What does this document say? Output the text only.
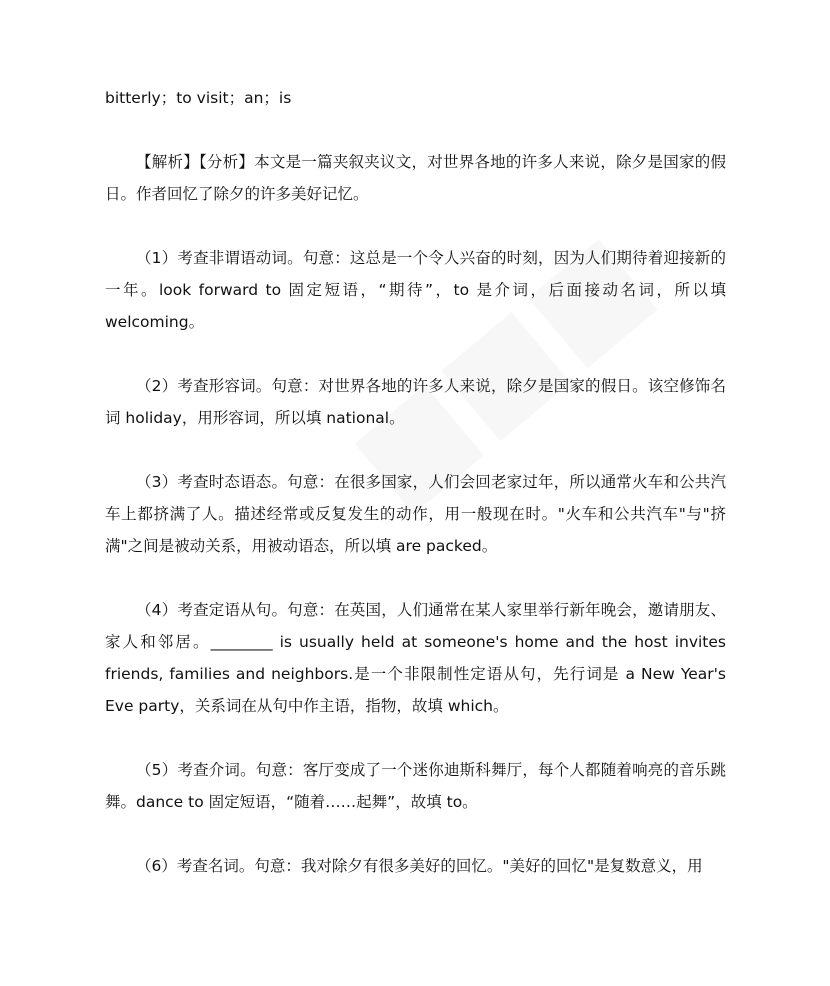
bitterly；to visit；an；is

【解析】【分析】本文是一篇夹叙夹议文，对世界各地的许多人来说，除夕是国家的假日。作者回忆了除夕的许多美好记忆。

（1）考查非谓语动词。句意：这总是一个令人兴奋的时刻，因为人们期待着迎接新的一年。look forward to 固定短语，“期待”，to 是介词，后面接动名词，所以填 welcoming。

（2）考查形容词。句意：对世界各地的许多人来说，除夕是国家的假日。该空修饰名词 holiday，用形容词，所以填 national。

（3）考查时态语态。句意：在很多国家，人们会回老家过年，所以通常火车和公共汽车上都挤满了人。描述经常或反复发生的动作，用一般现在时。"火车和公共汽车"与"挤满"之间是被动关系，用被动语态，所以填 are packed。

（4）考查定语从句。句意：在英国，人们通常在某人家里举行新年晚会，邀请朋友、家人和邻居。________ is usually held at someone's home and the host invites friends, families and neighbors.是一个非限制性定语从句，先行词是 a New Year's Eve party，关系词在从句中作主语，指物，故填 which。

（5）考查介词。句意：客厅变成了一个迷你迪斯科舞厅，每个人都随着响亮的音乐跳舞。dance to 固定短语，“随着……起舞”，故填 to。

（6）考查名词。句意：我对除夕有很多美好的回忆。"美好的回忆"是复数意义，用
